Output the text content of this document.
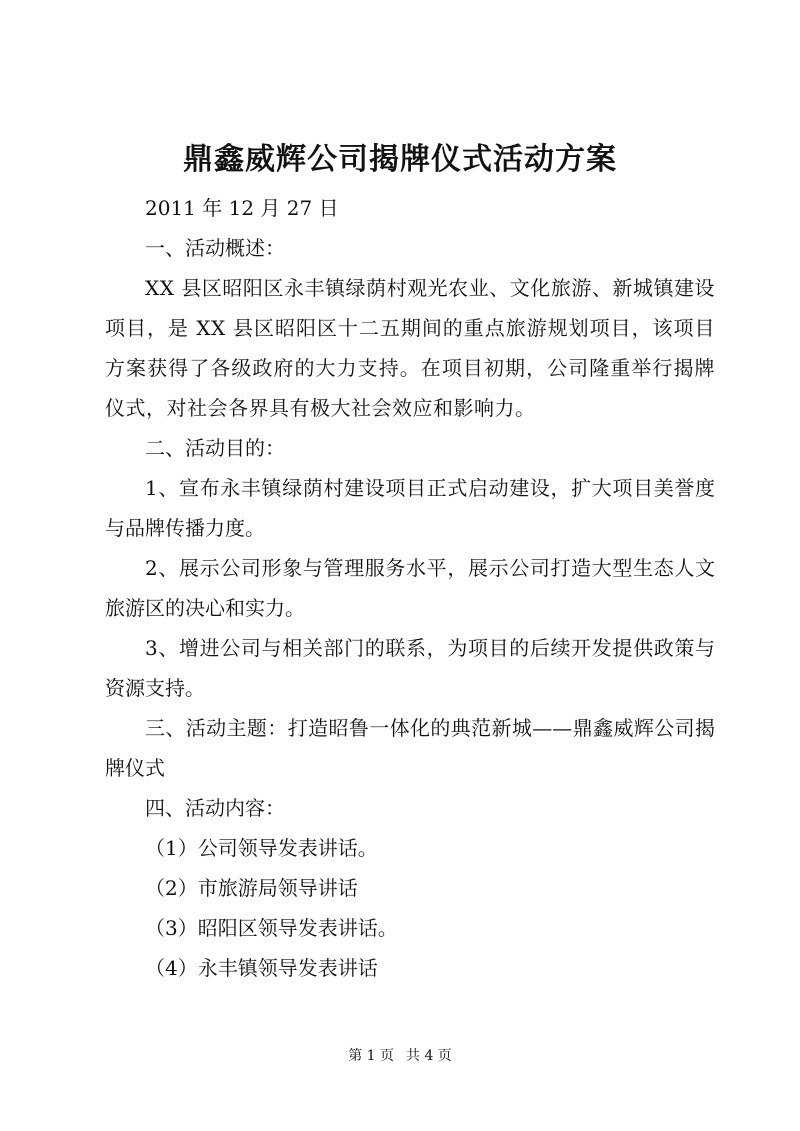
鼎鑫威辉公司揭牌仪式活动方案

2011 年 12 月 27 日

一、活动概述：

XX 县区昭阳区永丰镇绿荫村观光农业、文化旅游、新城镇建设项目，是 XX 县区昭阳区十二五期间的重点旅游规划项目，该项目方案获得了各级政府的大力支持。在项目初期，公司隆重举行揭牌仪式，对社会各界具有极大社会效应和影响力。

二、活动目的：

1、宣布永丰镇绿荫村建设项目正式启动建设，扩大项目美誉度与品牌传播力度。

2、展示公司形象与管理服务水平，展示公司打造大型生态人文旅游区的决心和实力。

3、增进公司与相关部门的联系，为项目的后续开发提供政策与资源支持。

三、活动主题：打造昭鲁一体化的典范新城——鼎鑫威辉公司揭牌仪式

四、活动内容：

（1）公司领导发表讲话。

（2）市旅游局领导讲话

（3）昭阳区领导发表讲话。

（4）永丰镇领导发表讲话

第 1 页 共 4 页
